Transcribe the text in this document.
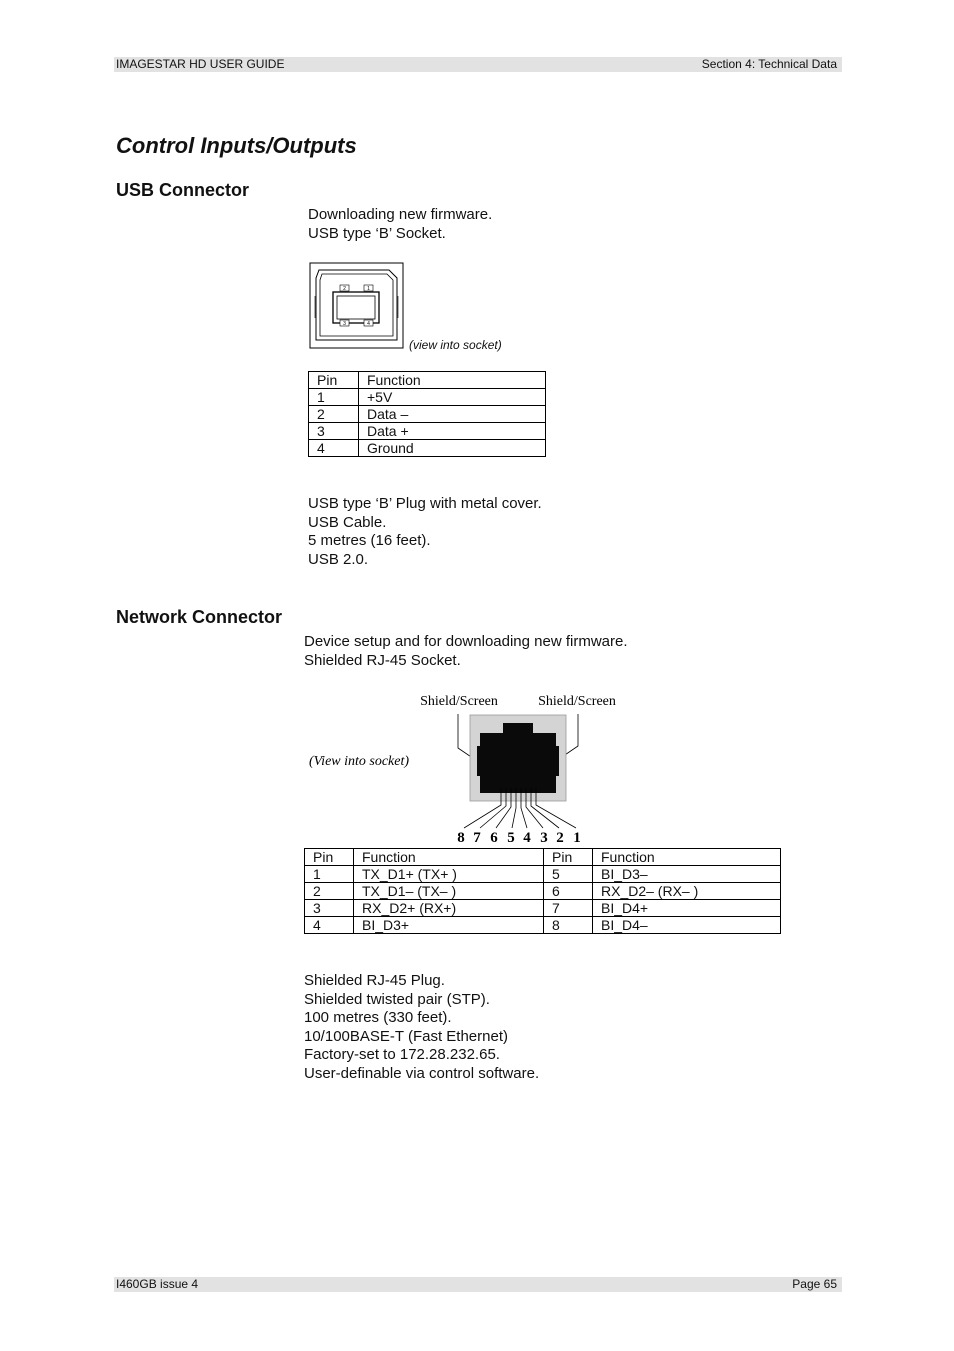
IMAGESTAR HD USER GUIDE	Section 4: Technical Data
Control Inputs/Outputs
USB Connector
Downloading new firmware.
USB type ‘B’ Socket.
2	1
3	4
(view into socket)
Pin	Function
1	+5V
2	Data –
3	Data +
4	Ground
USB type ‘B’ Plug with metal cover.
USB Cable.
5 metres (16 feet).
USB 2.0.
Network Connector
Device setup and for downloading new firmware.
Shielded RJ-45 Socket.
Shield/Screen	Shield/Screen
(View into socket)
8 7 6 5 4 3 2 1
Pin	Function	Pin	Function
1	TX_D1+ (TX+ )	5	BI_D3–
2	TX_D1– (TX– )	6	RX_D2– (RX– )
3	RX_D2+ (RX+)	7	BI_D4+
4	BI_D3+	8	BI_D4–
Shielded RJ-45 Plug.
Shielded twisted pair (STP).
100 metres (330 feet).
10/100BASE-T (Fast Ethernet)
Factory-set to 172.28.232.65.
User-definable via control software.
I460GB issue 4	Page 65
